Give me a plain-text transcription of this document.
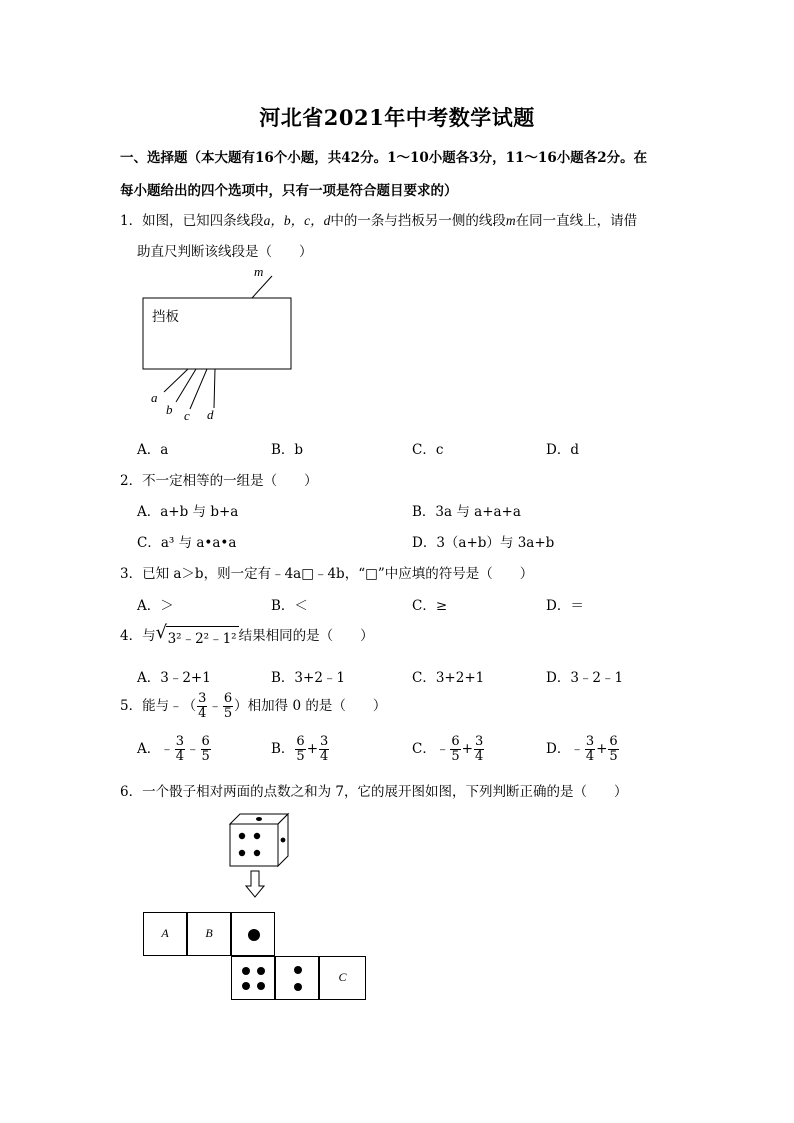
河北省2021年中考数学试题
一、选择题（本大题有16个小题，共42分。1～10小题各3分，11～16小题各2分。在
每小题给出的四个选项中，只有一项是符合题目要求的）
1．如图，已知四条线段a，b，c，d中的一条与挡板另一侧的线段m在同一直线上，请借
助直尺判断该线段是（　　）
挡板
m
a
b c d
A．a	B．b	C．c	D．d
2．不一定相等的一组是（　　）
A．a+b 与 b+a	B．3a 与 a+a+a
C．a³ 与 a•a•a	D．3（a+b）与 3a+b
3．已知 a＞b，则一定有﹣4a□﹣4b，“□”中应填的符号是（　　）
A．＞	B．＜	C．≥	D．＝
4．与 √ 3²﹣2²﹣1² 结果相同的是（　　）
A．3﹣2+1	B．3+2﹣1	C．3+2+1	D．3﹣2﹣1
5．能与﹣（ $\frac{3}{4}$ ﹣ $\frac{6}{5}$ ）相加得 0 的是（　　）
A．﹣ $\frac{3}{4}$ ﹣ $\frac{6}{5}$	B． $\frac{6}{5} + \frac{3}{4}$	C．﹣ $\frac{6}{5} + \frac{3}{4}$	D．﹣ $\frac{3}{4} + \frac{6}{5}$
6．一个骰子相对两面的点数之和为 7，它的展开图如图，下列判断正确的是（　　）
A	B
C
